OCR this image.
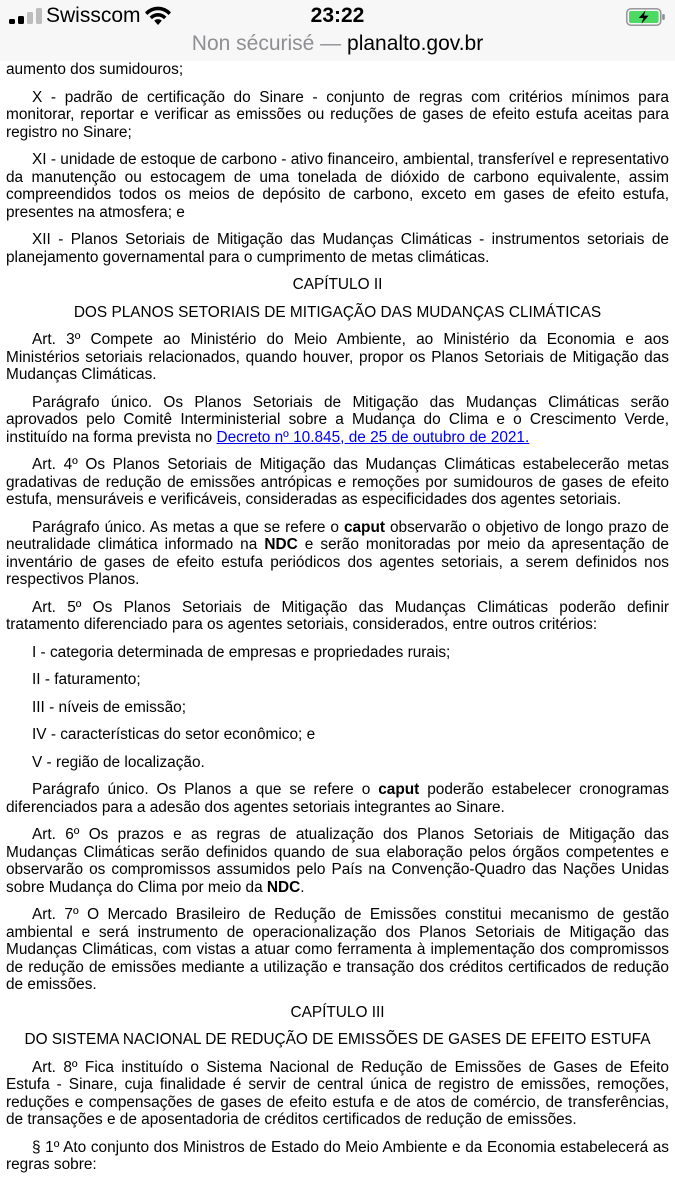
Swisscom	23:22
Non sécurisé — planalto.gov.br

aumento dos sumidouros;

X - padrão de certificação do Sinare - conjunto de regras com critérios mínimos para monitorar, reportar e verificar as emissões ou reduções de gases de efeito estufa aceitas para registro no Sinare;

XI - unidade de estoque de carbono - ativo financeiro, ambiental, transferível e representativo da manutenção ou estocagem de uma tonelada de dióxido de carbono equivalente, assim compreendidos todos os meios de depósito de carbono, exceto em gases de efeito estufa, presentes na atmosfera; e

XII - Planos Setoriais de Mitigação das Mudanças Climáticas - instrumentos setoriais de planejamento governamental para o cumprimento de metas climáticas.

CAPÍTULO II

DOS PLANOS SETORIAIS DE MITIGAÇÃO DAS MUDANÇAS CLIMÁTICAS

Art. 3º Compete ao Ministério do Meio Ambiente, ao Ministério da Economia e aos Ministérios setoriais relacionados, quando houver, propor os Planos Setoriais de Mitigação das Mudanças Climáticas.

Parágrafo único. Os Planos Setoriais de Mitigação das Mudanças Climáticas serão aprovados pelo Comitê Interministerial sobre a Mudança do Clima e o Crescimento Verde, instituído na forma prevista no Decreto nº 10.845, de 25 de outubro de 2021.

Art. 4º Os Planos Setoriais de Mitigação das Mudanças Climáticas estabelecerão metas gradativas de redução de emissões antrópicas e remoções por sumidouros de gases de efeito estufa, mensuráveis e verificáveis, consideradas as especificidades dos agentes setoriais.

Parágrafo único. As metas a que se refere o caput observarão o objetivo de longo prazo de neutralidade climática informado na NDC e serão monitoradas por meio da apresentação de inventário de gases de efeito estufa periódicos dos agentes setoriais, a serem definidos nos respectivos Planos.

Art. 5º Os Planos Setoriais de Mitigação das Mudanças Climáticas poderão definir tratamento diferenciado para os agentes setoriais, considerados, entre outros critérios:

I - categoria determinada de empresas e propriedades rurais;

II - faturamento;

III - níveis de emissão;

IV - características do setor econômico; e

V - região de localização.

Parágrafo único. Os Planos a que se refere o caput poderão estabelecer cronogramas diferenciados para a adesão dos agentes setoriais integrantes ao Sinare.

Art. 6º Os prazos e as regras de atualização dos Planos Setoriais de Mitigação das Mudanças Climáticas serão definidos quando de sua elaboração pelos órgãos competentes e observarão os compromissos assumidos pelo País na Convenção-Quadro das Nações Unidas sobre Mudança do Clima por meio da NDC.

Art. 7º O Mercado Brasileiro de Redução de Emissões constitui mecanismo de gestão ambiental e será instrumento de operacionalização dos Planos Setoriais de Mitigação das Mudanças Climáticas, com vistas a atuar como ferramenta à implementação dos compromissos de redução de emissões mediante a utilização e transação dos créditos certificados de redução de emissões.

CAPÍTULO III

DO SISTEMA NACIONAL DE REDUÇÃO DE EMISSÕES DE GASES DE EFEITO ESTUFA

Art. 8º Fica instituído o Sistema Nacional de Redução de Emissões de Gases de Efeito Estufa - Sinare, cuja finalidade é servir de central única de registro de emissões, remoções, reduções e compensações de gases de efeito estufa e de atos de comércio, de transferências, de transações e de aposentadoria de créditos certificados de redução de emissões.

§ 1º Ato conjunto dos Ministros de Estado do Meio Ambiente e da Economia estabelecerá as regras sobre:
